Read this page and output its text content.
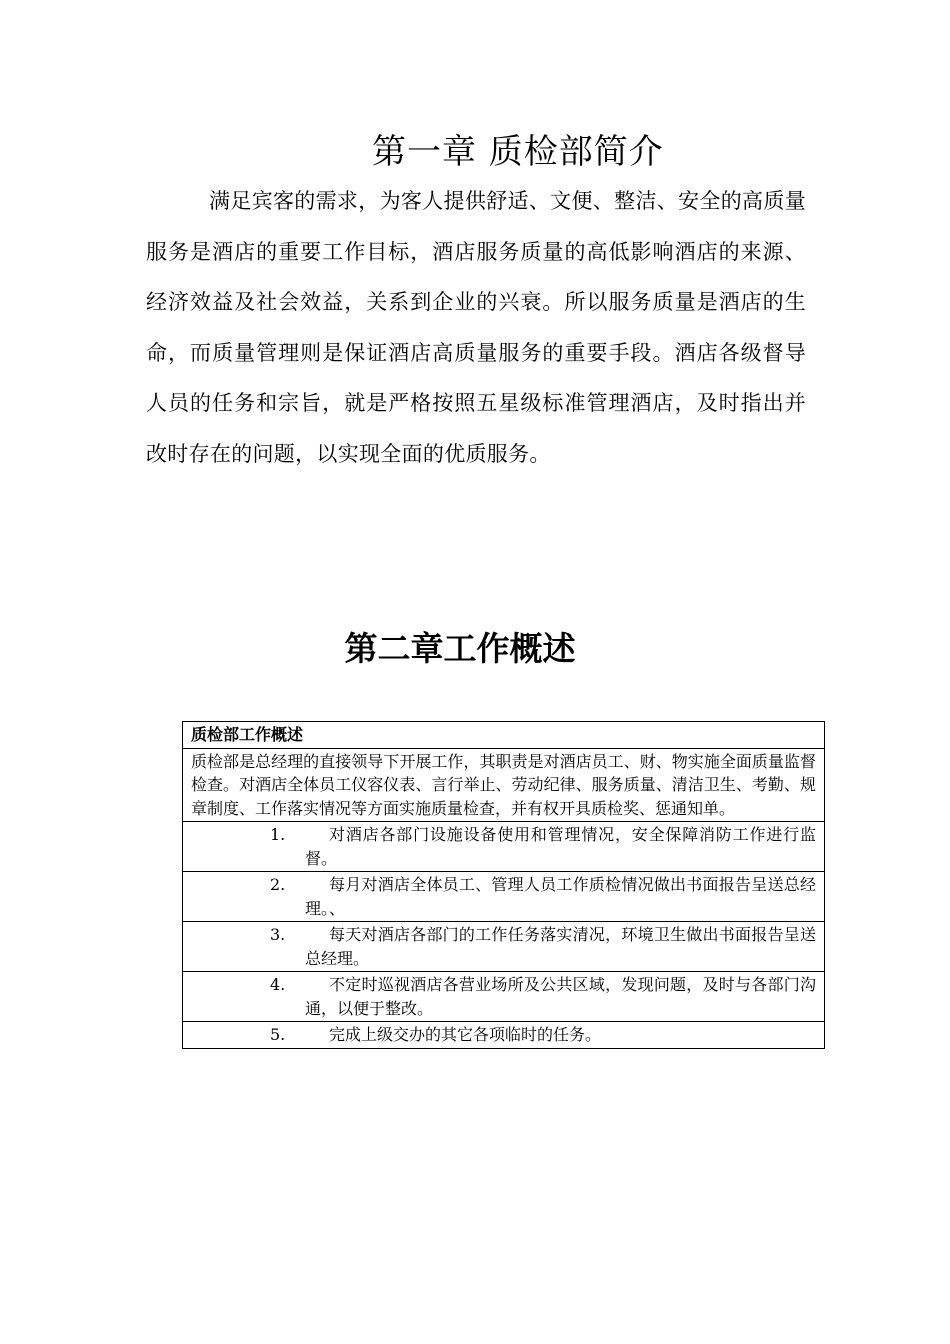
第一章 质检部简介

满足宾客的需求，为客人提供舒适、文便、整洁、安全的高质量服务是酒店的重要工作目标，酒店服务质量的高低影响酒店的来源、经济效益及社会效益，关系到企业的兴衰。所以服务质量是酒店的生命，而质量管理则是保证酒店高质量服务的重要手段。酒店各级督导人员的任务和宗旨，就是严格按照五星级标准管理酒店，及时指出并改时存在的问题，以实现全面的优质服务。

第二章工作概述
质检部工作概述
质检部是总经理的直接领导下开展工作，其职责是对酒店员工、财、物实施全面质量监督检查。对酒店全体员工仪容仪表、言行举止、劳动纪律、服务质量、清洁卫生、考勤、规章制度、工作落实情况等方面实施质量检查，并有权开具质检奖、惩通知单。

1.	对酒店各部门设施设备使用和管理情况，安全保障消防工作进行监督。

2.	每月对酒店全体员工、管理人员工作质检情况做出书面报告呈送总经理。、

3.	每天对酒店各部门的工作任务落实清况，环境卫生做出书面报告呈送总经理。

4.	不定时巡视酒店各营业场所及公共区域，发现问题，及时与各部门沟通，以便于整改。

5.	完成上级交办的其它各项临时的任务。
